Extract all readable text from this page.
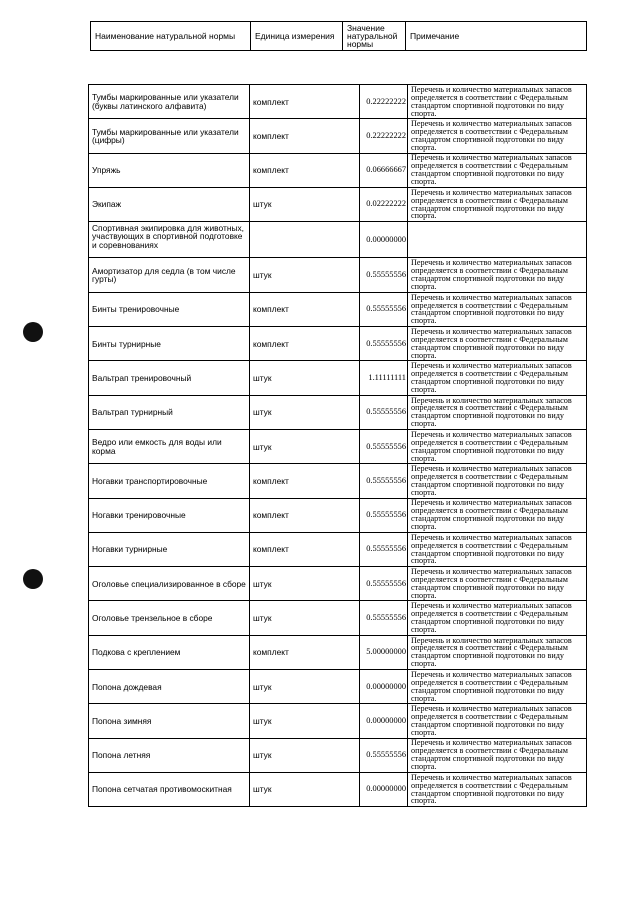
Наименование натуральной нормы	Единица измерения	Значение натуральной нормы	Примечание
Тумбы маркированные или указатели (буквы латинского алфавита)	комплект	0.22222222	Перечень и количество материальных запасов определяется в соответствии с Федеральным стандартом спортивной подготовки по виду спорта.
Тумбы маркированные или указатели (цифры)	комплект	0.22222222	Перечень и количество материальных запасов определяется в соответствии с Федеральным стандартом спортивной подготовки по виду спорта.
Упряжь	комплект	0.06666667	Перечень и количество материальных запасов определяется в соответствии с Федеральным стандартом спортивной подготовки по виду спорта.
Экипаж	штук	0.02222222	Перечень и количество материальных запасов определяется в соответствии с Федеральным стандартом спортивной подготовки по виду спорта.
Спортивная экипировка для животных, участвующих в спортивной подготовке и соревнованиях		0.00000000	
Амортизатор для седла (в том числе гурты)	штук	0.55555556	Перечень и количество материальных запасов определяется в соответствии с Федеральным стандартом спортивной подготовки по виду спорта.
Бинты тренировочные	комплект	0.55555556	Перечень и количество материальных запасов определяется в соответствии с Федеральным стандартом спортивной подготовки по виду спорта.
Бинты турнирные	комплект	0.55555556	Перечень и количество материальных запасов определяется в соответствии с Федеральным стандартом спортивной подготовки по виду спорта.
Вальтрап тренировочный	штук	1.11111111	Перечень и количество материальных запасов определяется в соответствии с Федеральным стандартом спортивной подготовки по виду спорта.
Вальтрап турнирный	штук	0.55555556	Перечень и количество материальных запасов определяется в соответствии с Федеральным стандартом спортивной подготовки по виду спорта.
Ведро или емкость для воды или корма	штук	0.55555556	Перечень и количество материальных запасов определяется в соответствии с Федеральным стандартом спортивной подготовки по виду спорта.
Ногавки транспортировочные	комплект	0.55555556	Перечень и количество материальных запасов определяется в соответствии с Федеральным стандартом спортивной подготовки по виду спорта.
Ногавки тренировочные	комплект	0.55555556	Перечень и количество материальных запасов определяется в соответствии с Федеральным стандартом спортивной подготовки по виду спорта.
Ногавки турнирные	комплект	0.55555556	Перечень и количество материальных запасов определяется в соответствии с Федеральным стандартом спортивной подготовки по виду спорта.
Оголовье специализированное в сборе	штук	0.55555556	Перечень и количество материальных запасов определяется в соответствии с Федеральным стандартом спортивной подготовки по виду спорта.
Оголовье трензельное в сборе	штук	0.55555556	Перечень и количество материальных запасов определяется в соответствии с Федеральным стандартом спортивной подготовки по виду спорта.
Подкова с креплением	комплект	5.00000000	Перечень и количество материальных запасов определяется в соответствии с Федеральным стандартом спортивной подготовки по виду спорта.
Попона дождевая	штук	0.00000000	Перечень и количество материальных запасов определяется в соответствии с Федеральным стандартом спортивной подготовки по виду спорта.
Попона зимняя	штук	0.00000000	Перечень и количество материальных запасов определяется в соответствии с Федеральным стандартом спортивной подготовки по виду спорта.
Попона летняя	штук	0.55555556	Перечень и количество материальных запасов определяется в соответствии с Федеральным стандартом спортивной подготовки по виду спорта.
Попона сетчатая противомоскитная	штук	0.00000000	Перечень и количество материальных запасов определяется в соответствии с Федеральным стандартом спортивной подготовки по виду спорта.
